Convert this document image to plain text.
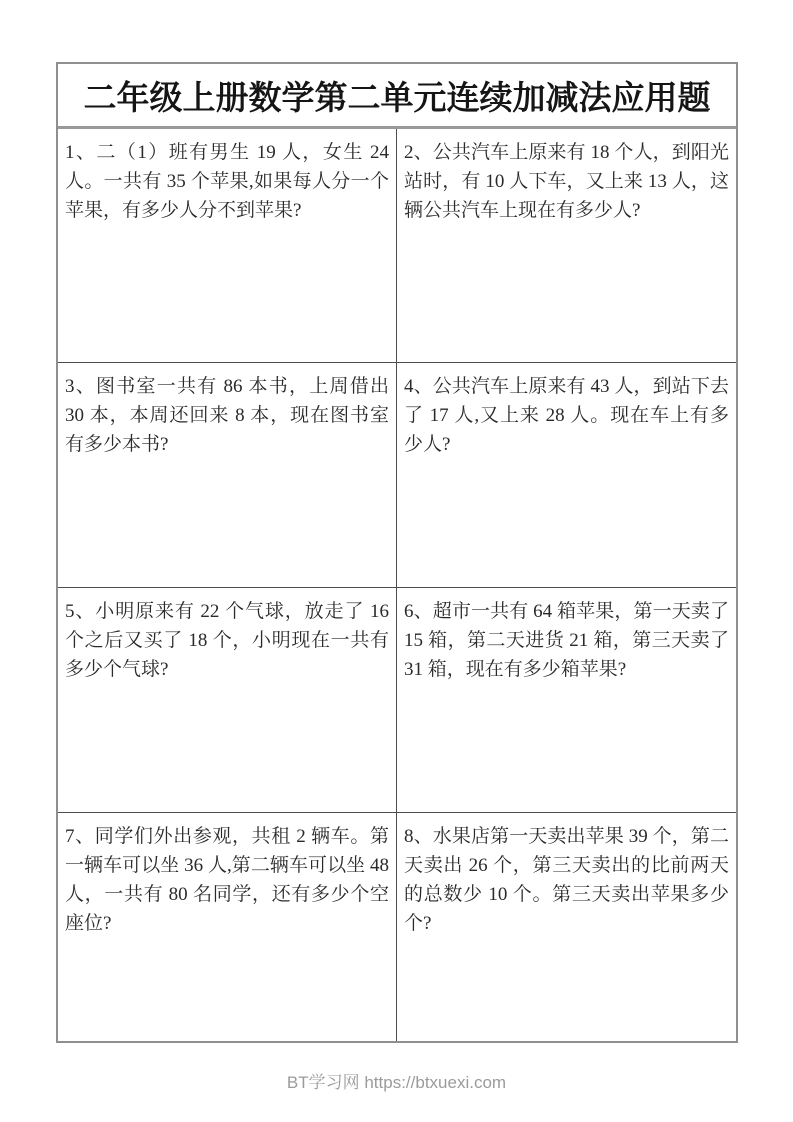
二年级上册数学第二单元连续加减法应用题

1、二（1）班有男生 19 人，女生 24 人。一共有 35 个苹果,如果每人分一个苹果，有多少人分不到苹果?

2、公共汽车上原来有 18 个人，到阳光站时，有 10 人下车，又上来 13 人，这辆公共汽车上现在有多少人?

3、图书室一共有 86 本书，上周借出 30 本，本周还回来 8 本，现在图书室有多少本书?

4、公共汽车上原来有 43 人，到站下去了 17 人,又上来 28 人。现在车上有多少人?

5、小明原来有 22 个气球，放走了 16 个之后又买了 18 个，小明现在一共有多少个气球?

6、超市一共有 64 箱苹果，第一天卖了 15 箱，第二天进货 21 箱，第三天卖了 31 箱，现在有多少箱苹果?

7、同学们外出参观，共租 2 辆车。第一辆车可以坐 36 人,第二辆车可以坐 48 人，一共有 80 名同学，还有多少个空座位?

8、水果店第一天卖出苹果 39 个，第二天卖出 26 个，第三天卖出的比前两天的总数少 10 个。第三天卖出苹果多少个?

BT学习网 https://btxuexi.com
